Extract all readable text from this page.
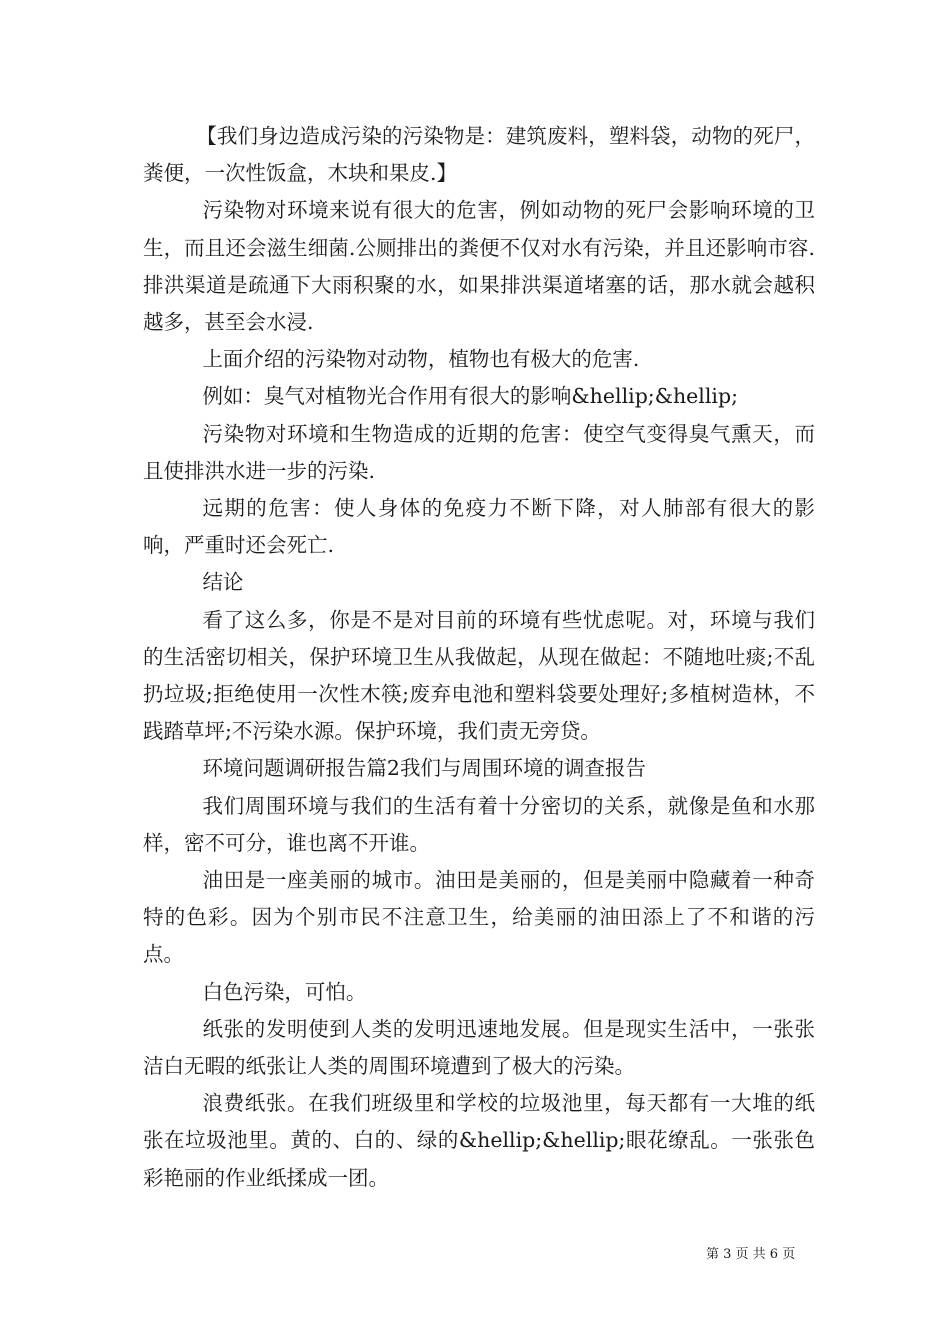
【我们身边造成污染的污染物是：建筑废料，塑料袋，动物的死尸，粪便，一次性饭盒，木块和果皮.】

污染物对环境来说有很大的危害，例如动物的死尸会影响环境的卫生，而且还会滋生细菌.公厕排出的粪便不仅对水有污染，并且还影响市容.排洪渠道是疏通下大雨积聚的水，如果排洪渠道堵塞的话，那水就会越积越多，甚至会水浸.

上面介绍的污染物对动物，植物也有极大的危害.

例如：臭气对植物光合作用有很大的影响&hellip;&hellip;

污染物对环境和生物造成的近期的危害：使空气变得臭气熏天，而且使排洪水进一步的污染.

远期的危害：使人身体的免疫力不断下降，对人肺部有很大的影响，严重时还会死亡.

结论

看了这么多，你是不是对目前的环境有些忧虑呢。对，环境与我们的生活密切相关，保护环境卫生从我做起，从现在做起：不随地吐痰;不乱扔垃圾;拒绝使用一次性木筷;废弃电池和塑料袋要处理好;多植树造林，不践踏草坪;不污染水源。保护环境，我们责无旁贷。

环境问题调研报告篇2我们与周围环境的调查报告

我们周围环境与我们的生活有着十分密切的关系，就像是鱼和水那样，密不可分，谁也离不开谁。

油田是一座美丽的城市。油田是美丽的，但是美丽中隐藏着一种奇特的色彩。因为个别市民不注意卫生，给美丽的油田添上了不和谐的污点。

白色污染，可怕。

纸张的发明使到人类的发明迅速地发展。但是现实生活中，一张张洁白无暇的纸张让人类的周围环境遭到了极大的污染。

浪费纸张。在我们班级里和学校的垃圾池里，每天都有一大堆的纸张在垃圾池里。黄的、白的、绿的&hellip;&hellip;眼花缭乱。一张张色彩艳丽的作业纸揉成一团。

第 3 页 共 6 页
